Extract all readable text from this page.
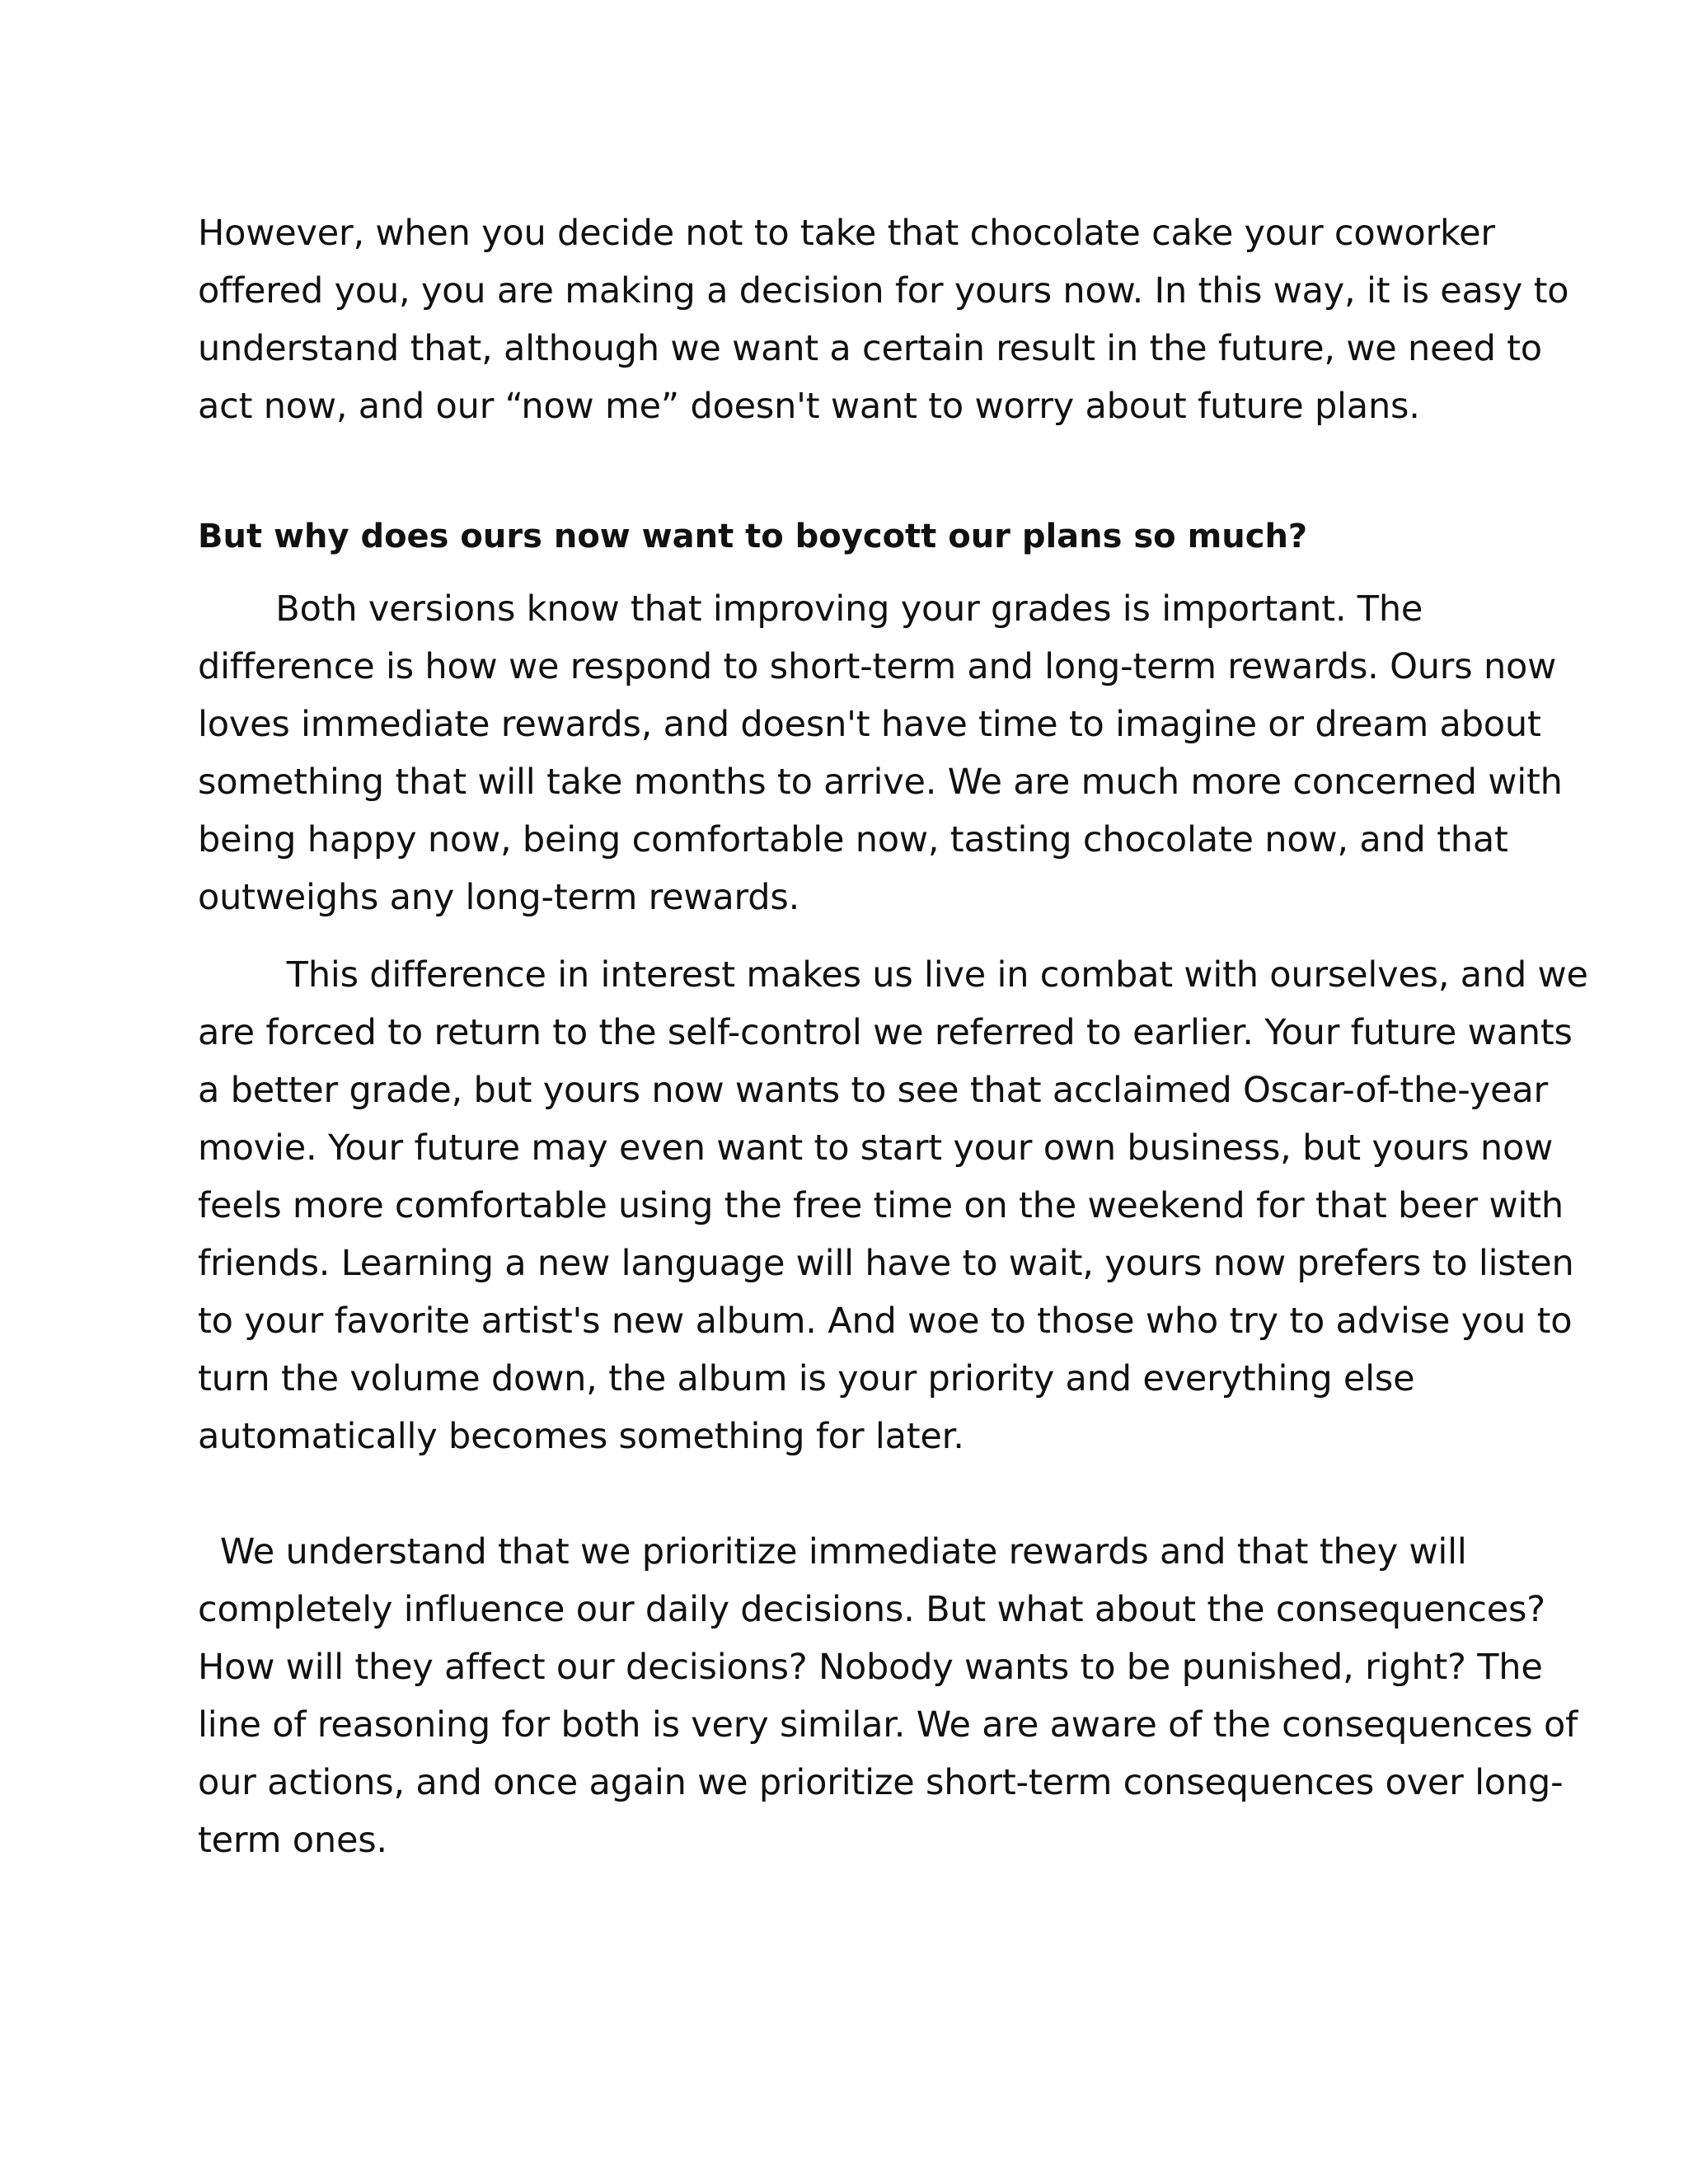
However, when you decide not to take that chocolate cake your coworker
offered you, you are making a decision for yours now. In this way, it is easy to
understand that, although we want a certain result in the future, we need to
act now, and our “now me” doesn't want to worry about future plans.
But why does ours now want to boycott our plans so much?
Both versions know that improving your grades is important. The
difference is how we respond to short-term and long-term rewards. Ours now
loves immediate rewards, and doesn't have time to imagine or dream about
something that will take months to arrive. We are much more concerned with
being happy now, being comfortable now, tasting chocolate now, and that
outweighs any long-term rewards.
This difference in interest makes us live in combat with ourselves, and we
are forced to return to the self-control we referred to earlier. Your future wants
a better grade, but yours now wants to see that acclaimed Oscar-of-the-year
movie. Your future may even want to start your own business, but yours now
feels more comfortable using the free time on the weekend for that beer with
friends. Learning a new language will have to wait, yours now prefers to listen
to your favorite artist's new album. And woe to those who try to advise you to
turn the volume down, the album is your priority and everything else
automatically becomes something for later.
We understand that we prioritize immediate rewards and that they will
completely influence our daily decisions. But what about the consequences?
How will they affect our decisions? Nobody wants to be punished, right? The
line of reasoning for both is very similar. We are aware of the consequences of
our actions, and once again we prioritize short-term consequences over long-
term ones.
